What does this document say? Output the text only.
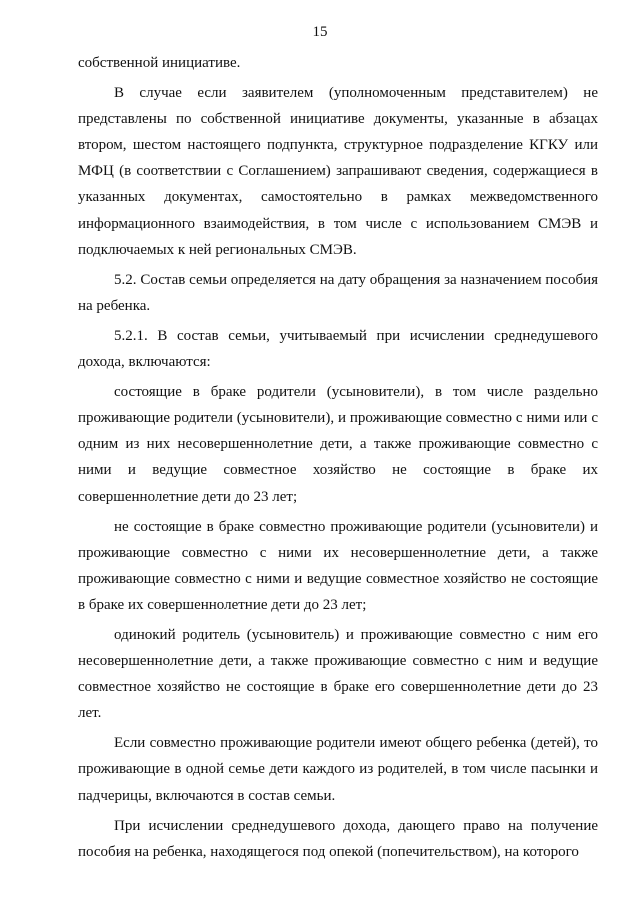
15

собственной инициативе.

В случае если заявителем (уполномоченным представителем) не представлены по собственной инициативе документы, указанные в абзацах втором, шестом настоящего подпункта, структурное подразделение КГКУ или МФЦ (в соответствии с Соглашением) запрашивают сведения, содержащиеся в указанных документах, самостоятельно в рамках межведомственного информационного взаимодействия, в том числе с использованием СМЭВ и подключаемых к ней региональных СМЭВ.

5.2. Состав семьи определяется на дату обращения за назначением пособия на ребенка.

5.2.1. В состав семьи, учитываемый при исчислении среднедушевого дохода, включаются:

состоящие в браке родители (усыновители), в том числе раздельно проживающие родители (усыновители), и проживающие совместно с ними или с одним из них несовершеннолетние дети, а также проживающие совместно с ними и ведущие совместное хозяйство не состоящие в браке их совершеннолетние дети до 23 лет;

не состоящие в браке совместно проживающие родители (усыновители) и проживающие совместно с ними их несовершеннолетние дети, а также проживающие совместно с ними и ведущие совместное хозяйство не состоящие в браке их совершеннолетние дети до 23 лет;

одинокий родитель (усыновитель) и проживающие совместно с ним его несовершеннолетние дети, а также проживающие совместно с ним и ведущие совместное хозяйство не состоящие в браке его совершеннолетние дети до 23 лет.

Если совместно проживающие родители имеют общего ребенка (детей), то проживающие в одной семье дети каждого из родителей, в том числе пасынки и падчерицы, включаются в состав семьи.

При исчислении среднедушевого дохода, дающего право на получение пособия на ребенка, находящегося под опекой (попечительством), на которого
